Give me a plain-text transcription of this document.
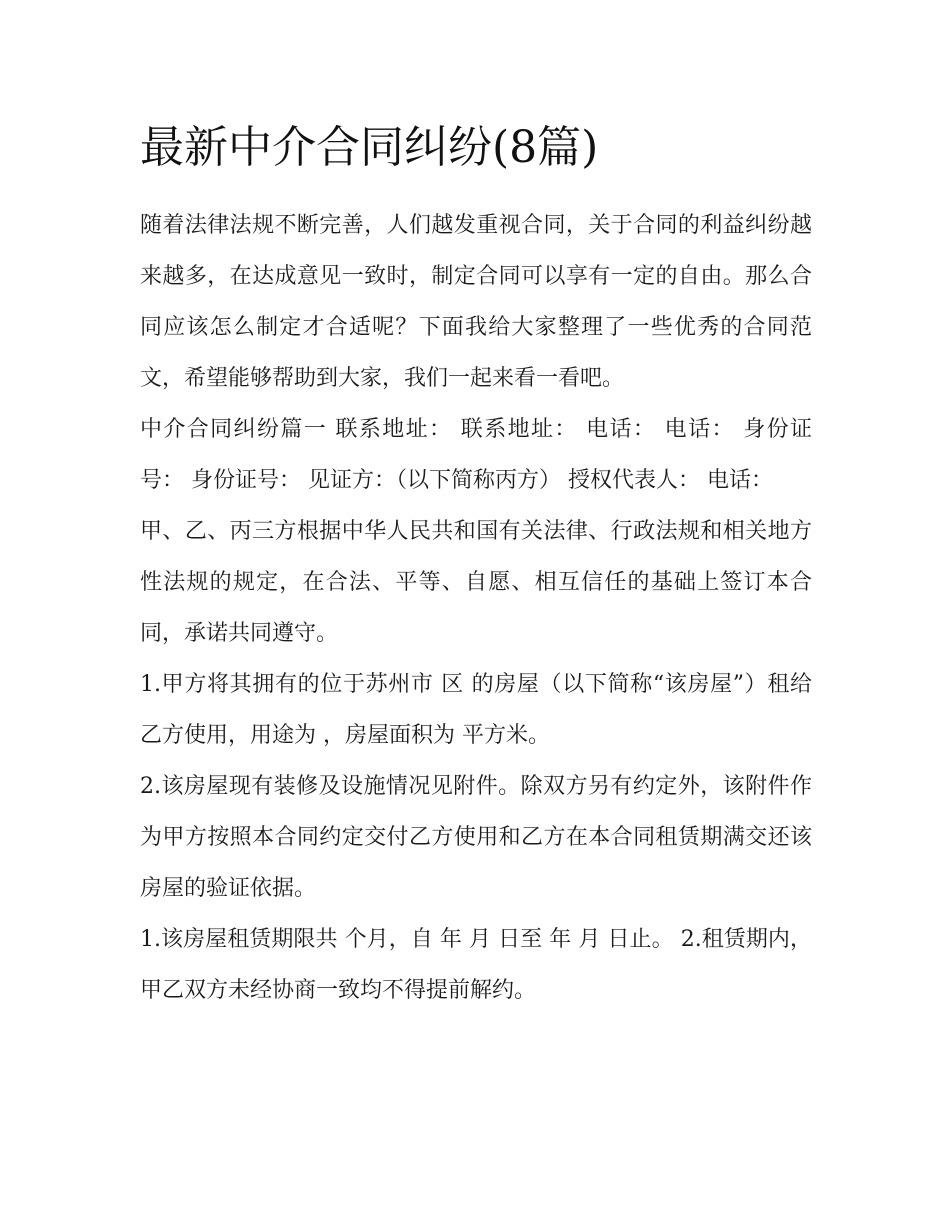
最新中介合同纠纷(8篇)

随着法律法规不断完善，人们越发重视合同，关于合同的利益纠纷越来越多，在达成意见一致时，制定合同可以享有一定的自由。那么合同应该怎么制定才合适呢？下面我给大家整理了一些优秀的合同范文，希望能够帮助到大家，我们一起来看一看吧。

中介合同纠纷篇一 联系地址： 联系地址： 电话： 电话： 身份证号： 身份证号： 见证方：（以下简称丙方） 授权代表人： 电话：

甲、乙、丙三方根据中华人民共和国有关法律、行政法规和相关地方性法规的规定，在合法、平等、自愿、相互信任的基础上签订本合同，承诺共同遵守。

1.甲方将其拥有的位于苏州市 区 的房屋（以下简称“该房屋”）租给乙方使用，用途为 ，房屋面积为 平方米。

2.该房屋现有装修及设施情况见附件。除双方另有约定外，该附件作为甲方按照本合同约定交付乙方使用和乙方在本合同租赁期满交还该房屋的验证依据。

1.该房屋租赁期限共 个月，自 年 月 日至 年 月 日止。 2.租赁期内，甲乙双方未经协商一致均不得提前解约。
